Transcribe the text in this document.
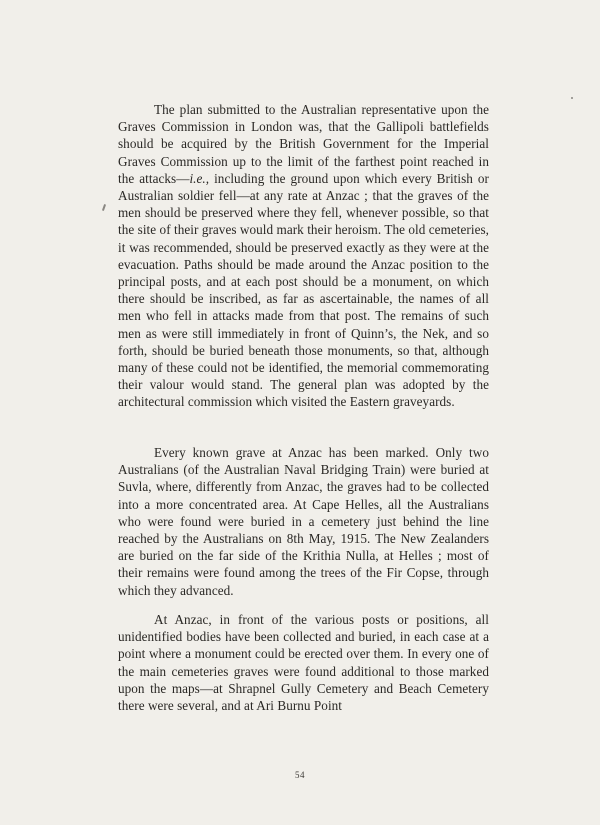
The plan submitted to the Australian representative upon the Graves Commission in London was, that the Gallipoli battlefields should be acquired by the British Government for the Imperial Graves Commission up to the limit of the farthest point reached in the attacks—i.e., including the ground upon which every British or Australian soldier fell—at any rate at Anzac ; that the graves of the men should be preserved where they fell, whenever possible, so that the site of their graves would mark their heroism. The old cemeteries, it was recommended, should be preserved exactly as they were at the evacuation. Paths should be made around the Anzac position to the principal posts, and at each post should be a monument, on which there should be inscribed, as far as ascertainable, the names of all men who fell in attacks made from that post. The remains of such men as were still immediately in front of Quinn’s, the Nek, and so forth, should be buried beneath those monuments, so that, although many of these could not be identified, the memorial commemorating their valour would stand. The general plan was adopted by the architectural commission which visited the Eastern graveyards.

Every known grave at Anzac has been marked. Only two Australians (of the Australian Naval Bridging Train) were buried at Suvla, where, differently from Anzac, the graves had to be collected into a more concentrated area. At Cape Helles, all the Australians who were found were buried in a cemetery just behind the line reached by the Australians on 8th May, 1915. The New Zealanders are buried on the far side of the Krithia Nulla, at Helles ; most of their remains were found among the trees of the Fir Copse, through which they advanced.

At Anzac, in front of the various posts or positions, all unidentified bodies have been collected and buried, in each case at a point where a monument could be erected over them. In every one of the main cemeteries graves were found additional to those marked upon the maps—at Shrapnel Gully Cemetery and Beach Cemetery there were several, and at Ari Burnu Point

54
